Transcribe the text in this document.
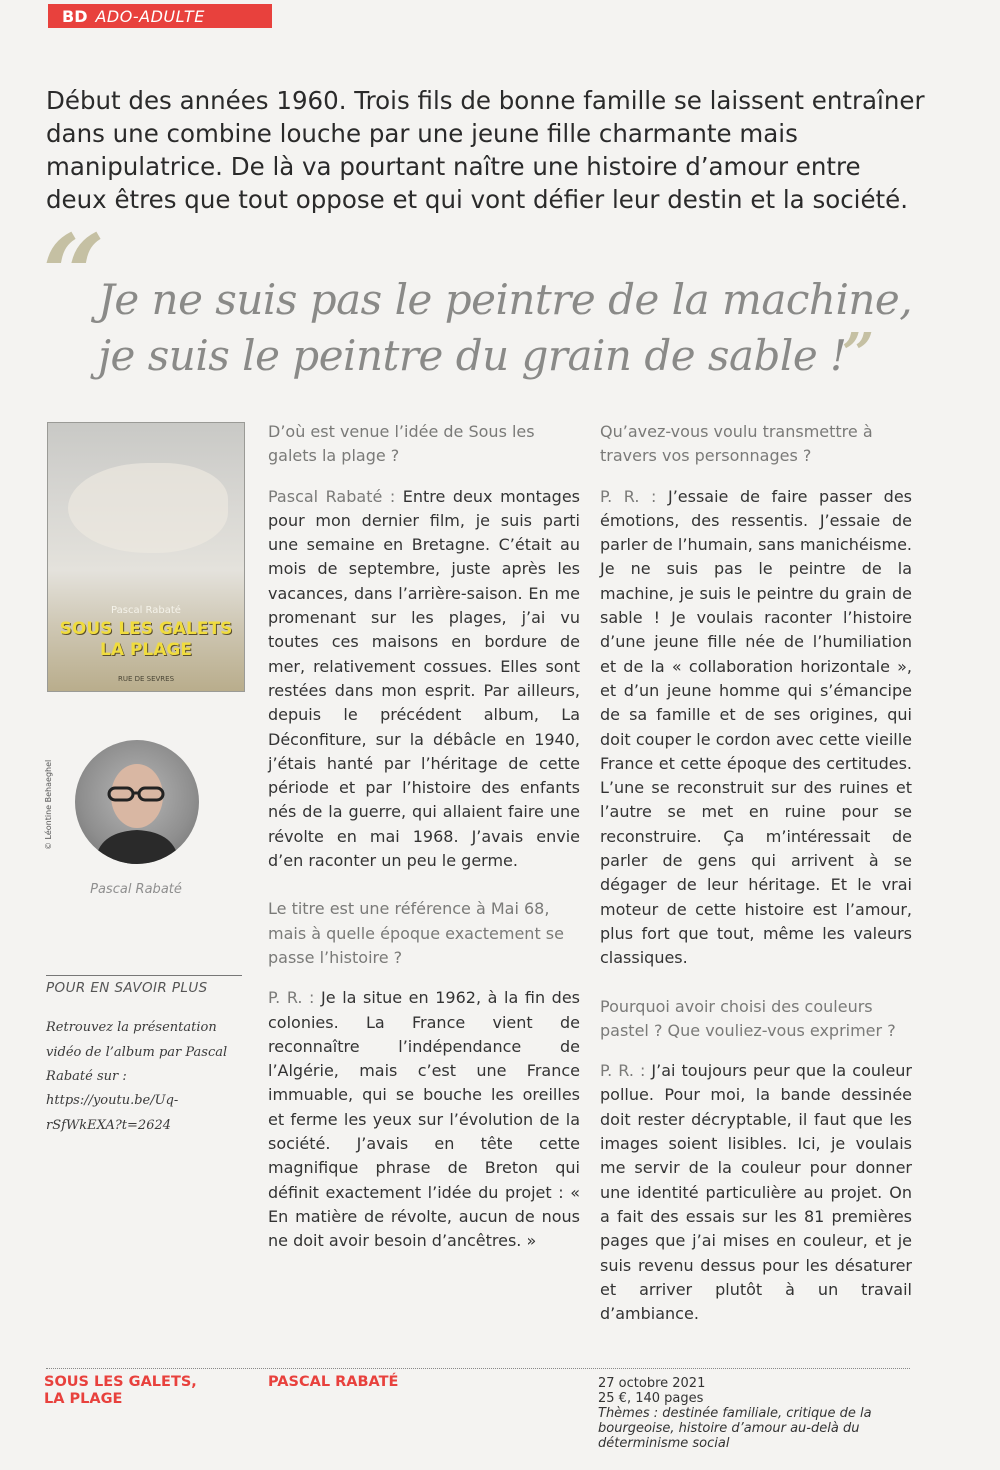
BD ADO-ADULTE

Début des années 1960. Trois fils de bonne famille se laissent entraîner dans une combine louche par une jeune fille charmante mais manipulatrice. De là va pourtant naître une histoire d’amour entre deux êtres que tout oppose et qui vont défier leur destin et la société.

“

Je ne suis pas le peintre de la machine,
je suis le peintre du grain de sable !

”
Pascal Rabaté
SOUS LES GALETS
LA PLAGE
RUE DE SEVRES
© Léontine Behaeghel
Pascal Rabaté
POUR EN SAVOIR PLUS
Retrouvez la présentation vidéo de l’album par Pascal Rabaté sur :
https://youtu.be/Uq-rSfWkEXA?t=2624

D’où est venue l’idée de Sous les galets la plage ?

Pascal Rabaté : Entre deux montages pour mon dernier film, je suis parti une semaine en Bretagne. C’était au mois de septembre, juste après les vacances, dans l’arrière-saison. En me promenant sur les plages, j’ai vu toutes ces maisons en bordure de mer, relativement cossues. Elles sont restées dans mon esprit. Par ailleurs, depuis le précédent album, La Déconfiture, sur la débâcle en 1940, j’étais hanté par l’héritage de cette période et par l’histoire des enfants nés de la guerre, qui allaient faire une révolte en mai 1968. J’avais envie d’en raconter un peu le germe.

Le titre est une référence à Mai 68, mais à quelle époque exactement se passe l’histoire ?

P. R. : Je la situe en 1962, à la fin des colonies. La France vient de reconnaître l’indépendance de l’Algérie, mais c’est une France immuable, qui se bouche les oreilles et ferme les yeux sur l’évolution de la société. J’avais en tête cette magnifique phrase de Breton qui définit exactement l’idée du projet : « En matière de révolte, aucun de nous ne doit avoir besoin d’ancêtres. »

Qu’avez-vous voulu transmettre à travers vos personnages ?

P. R. : J’essaie de faire passer des émotions, des ressentis. J’essaie de parler de l’humain, sans manichéisme. Je ne suis pas le peintre de la machine, je suis le peintre du grain de sable ! Je voulais raconter l’histoire d’une jeune fille née de l’humiliation et de la « collaboration horizontale », et d’un jeune homme qui s’émancipe de sa famille et de ses origines, qui doit couper le cordon avec cette vieille France et cette époque des certitudes. L’une se reconstruit sur des ruines et l’autre se met en ruine pour se reconstruire. Ça m’intéressait de parler de gens qui arrivent à se dégager de leur héritage. Et le vrai moteur de cette histoire est l’amour, plus fort que tout, même les valeurs classiques.

Pourquoi avoir choisi des couleurs pastel ? Que vouliez-vous exprimer ?

P. R. : J’ai toujours peur que la couleur pollue. Pour moi, la bande dessinée doit rester décryptable, il faut que les images soient lisibles. Ici, je voulais me servir de la couleur pour donner une identité particulière au projet. On a fait des essais sur les 81 premières pages que j’ai mises en couleur, et je suis revenu dessus pour les désaturer et arriver plutôt à un travail d’ambiance.

SOUS LES GALETS,
LA PLAGE
PASCAL RABATÉ	27 octobre 2021
25 €, 140 pages
Thèmes : destinée familiale, critique de la bourgeoise, histoire d’amour au-delà du déterminisme social
